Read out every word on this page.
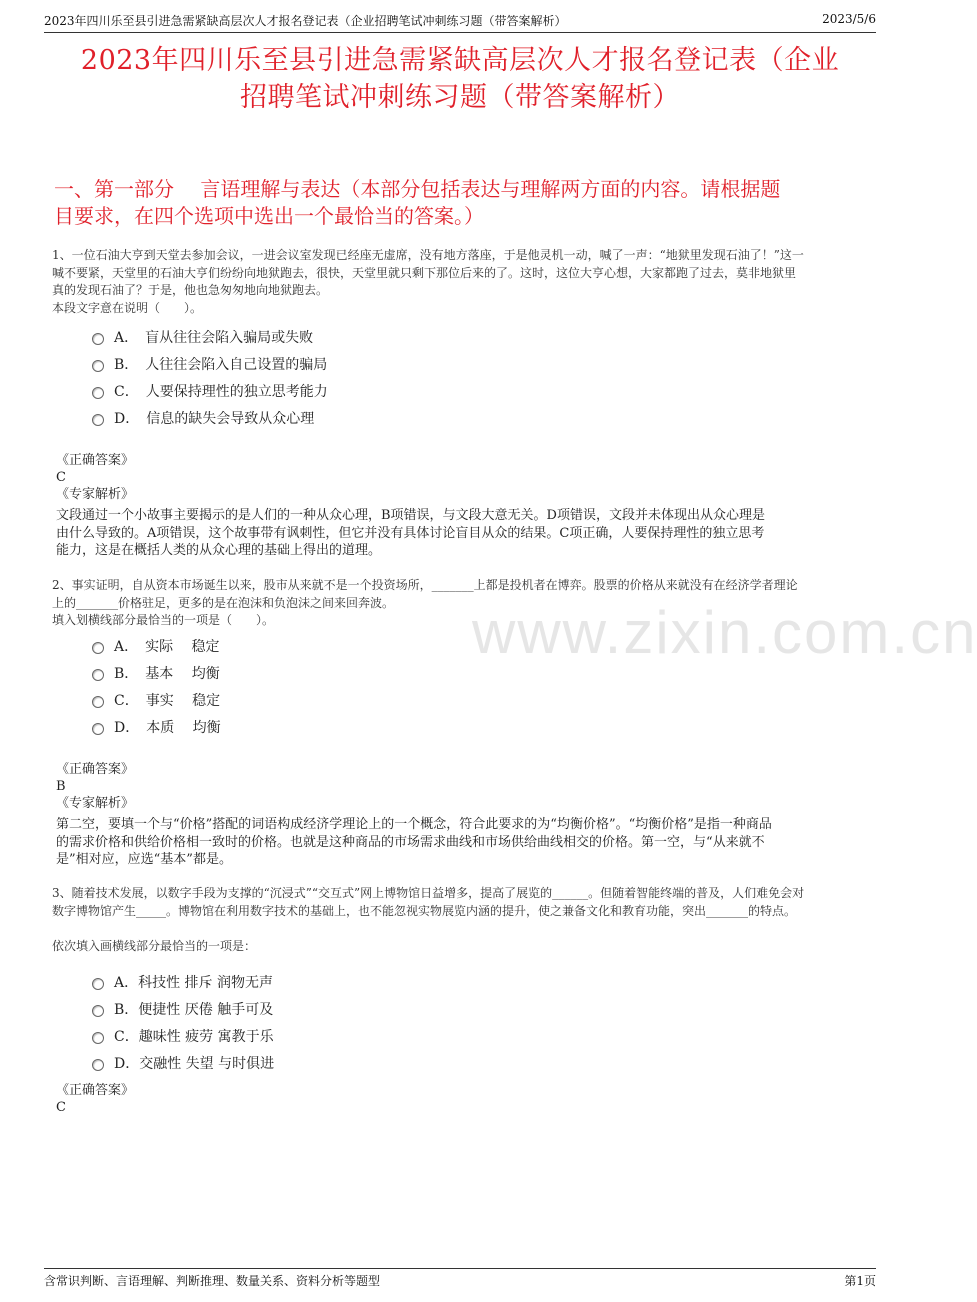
2023年四川乐至县引进急需紧缺高层次人才报名登记表（企业招聘笔试冲刺练习题（带答案解析）	2023/5/6
2023年四川乐至县引进急需紧缺高层次人才报名登记表（企业
招聘笔试冲刺练习题（带答案解析）
一、第一部分　 言语理解与表达（本部分包括表达与理解两方面的内容。请根据题
目要求，在四个选项中选出一个最恰当的答案。）
www.zixin.com.cn
1、一位石油大亨到天堂去参加会议，一进会议室发现已经座无虚席，没有地方落座，于是他灵机一动，喊了一声：“地狱里发现石油了！”这一
喊不要紧，天堂里的石油大亨们纷纷向地狱跑去，很快，天堂里就只剩下那位后来的了。这时，这位大亨心想，大家都跑了过去，莫非地狱里
真的发现石油了？于是，他也急匆匆地向地狱跑去。
本段文字意在说明（　　）。
A．　盲从往往会陷入骗局或失败
B．　人往往会陷入自己设置的骗局
C．　人要保持理性的独立思考能力
D．　信息的缺失会导致从众心理
《正确答案》
C
《专家解析》
文段通过一个小故事主要揭示的是人们的一种从众心理，B项错误，与文段大意无关。D项错误，文段并未体现出从众心理是
由什么导致的。A项错误，这个故事带有讽刺性，但它并没有具体讨论盲目从众的结果。C项正确，人要保持理性的独立思考
能力，这是在概括人类的从众心理的基础上得出的道理。
2、事实证明，自从资本市场诞生以来，股市从来就不是一个投资场所，_______上都是投机者在博弈。股票的价格从来就没有在经济学者理论
上的_______价格驻足，更多的是在泡沫和负泡沫之间来回奔波。
填入划横线部分最恰当的一项是（　　）。
A．　实际　 稳定
B．　基本　 均衡
C．　事实　 稳定
D．　本质　 均衡
《正确答案》
B
《专家解析》
第二空，要填一个与“价格”搭配的词语构成经济学理论上的一个概念，符合此要求的为“均衡价格”。“均衡价格”是指一种商品
的需求价格和供给价格相一致时的价格。也就是这种商品的市场需求曲线和市场供给曲线相交的价格。第一空，与“从来就不
是”相对应，应选“基本”都是。
3、随着技术发展，以数字手段为支撑的“沉浸式”“交互式”网上博物馆日益增多，提高了展览的______。但随着智能终端的普及，人们难免会对
数字博物馆产生_____。博物馆在利用数字技术的基础上，也不能忽视实物展览内涵的提升，使之兼备文化和教育功能，突出_______的特点。
依次填入画横线部分最恰当的一项是：
A．科技性 排斥 润物无声
B．便捷性 厌倦 触手可及
C．趣味性 疲劳 寓教于乐
D．交融性 失望 与时俱进
《正确答案》
C
含常识判断、言语理解、判断推理、数量关系、资料分析等题型	第1页
